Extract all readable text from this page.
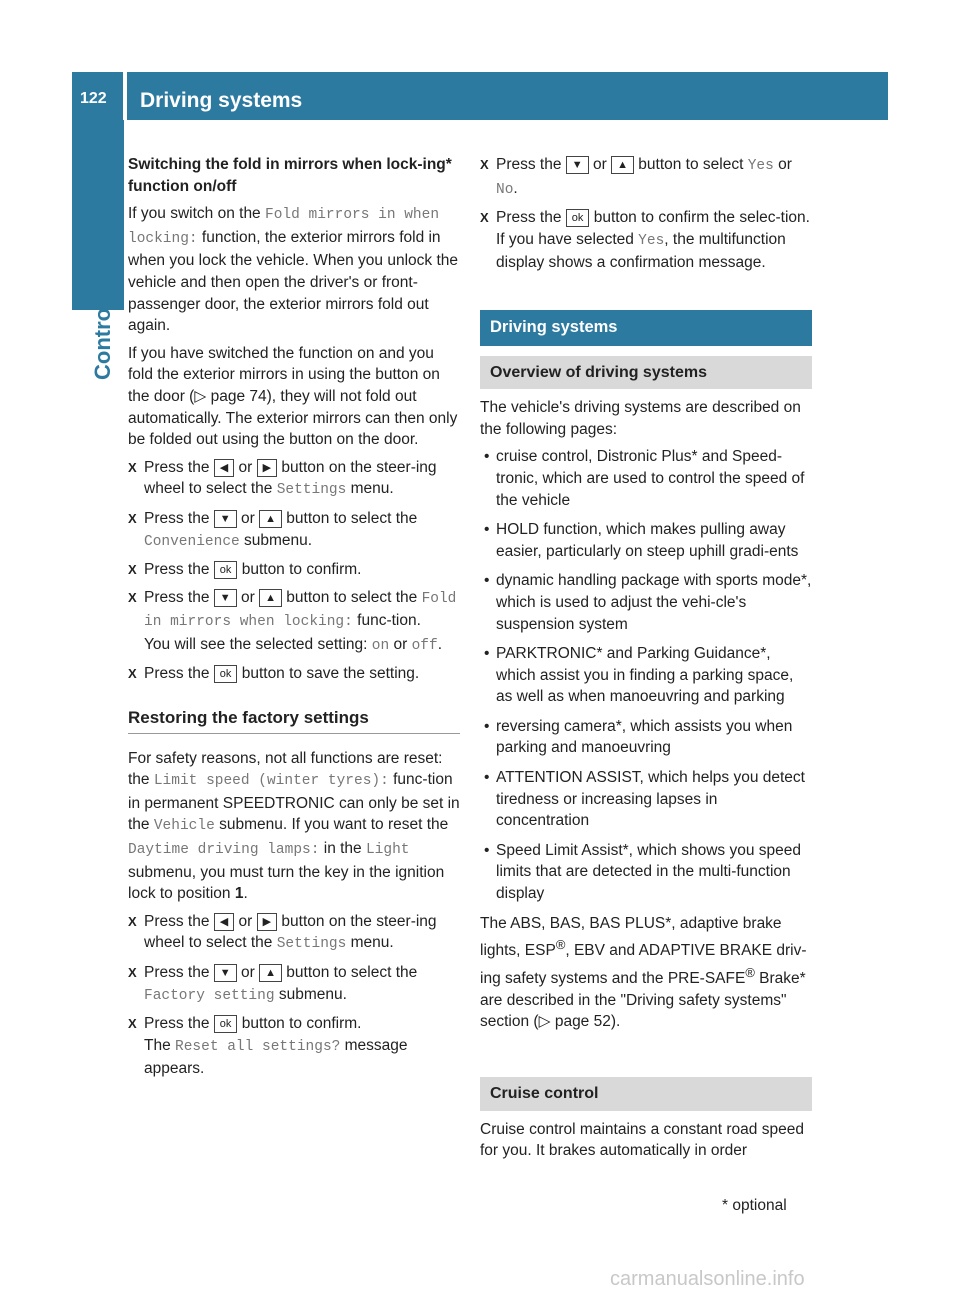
122 Driving systems
Controls
Switching the fold in mirrors when lock-ing* function on/off

If you switch on the Fold mirrors in when locking: function, the exterior mirrors fold in when you lock the vehicle. When you unlock the vehicle and then open the driver's or front-passenger door, the exterior mirrors fold out again.

If you have switched the function on and you fold the exterior mirrors in using the button on the door (▷ page 74), they will not fold out automatically. The exterior mirrors can then only be folded out using the button on the door.

X Press the ◀ or ▶ button on the steer-ing wheel to select the Settings menu.
X Press the ▼ or ▲ button to select the Convenience submenu.
X Press the ok button to confirm.
X Press the ▼ or ▲ button to select the Fold in mirrors when locking: func-tion.
You will see the selected setting: on or off.
X Press the ok button to save the setting.
Restoring the factory settings

For safety reasons, not all functions are reset: the Limit speed (winter tyres): func-tion in permanent SPEEDTRONIC can only be set in the Vehicle submenu. If you want to reset the Daytime driving lamps: in the Light submenu, you must turn the key in the ignition lock to position 1.

X Press the ◀ or ▶ button on the steer-ing wheel to select the Settings menu.
X Press the ▼ or ▲ button to select the Factory setting submenu.
X Press the ok button to confirm.
The Reset all settings? message appears.
X Press the ▼ or ▲ button to select Yes or No.
X Press the ok button to confirm the selec-tion.
If you have selected Yes, the multifunction display shows a confirmation message.
Driving systems
Overview of driving systems

The vehicle's driving systems are described on the following pages:

• cruise control, Distronic Plus* and Speed-tronic, which are used to control the speed of the vehicle
• HOLD function, which makes pulling away easier, particularly on steep uphill gradi-ents
• dynamic handling package with sports mode*, which is used to adjust the vehi-cle's suspension system
• PARKTRONIC* and Parking Guidance*, which assist you in finding a parking space, as well as when manoeuvring and parking
• reversing camera*, which assists you when parking and manoeuvring
• ATTENTION ASSIST, which helps you detect tiredness or increasing lapses in concentration
• Speed Limit Assist*, which shows you speed limits that are detected in the multi-function display

The ABS, BAS, BAS PLUS*, adaptive brake lights, ESP®, EBV and ADAPTIVE BRAKE driv-ing safety systems and the PRE-SAFE® Brake* are described in the "Driving safety systems" section (▷ page 52).

Cruise control

Cruise control maintains a constant road speed for you. It brakes automatically in order

* optional
carmanualsonline.info
